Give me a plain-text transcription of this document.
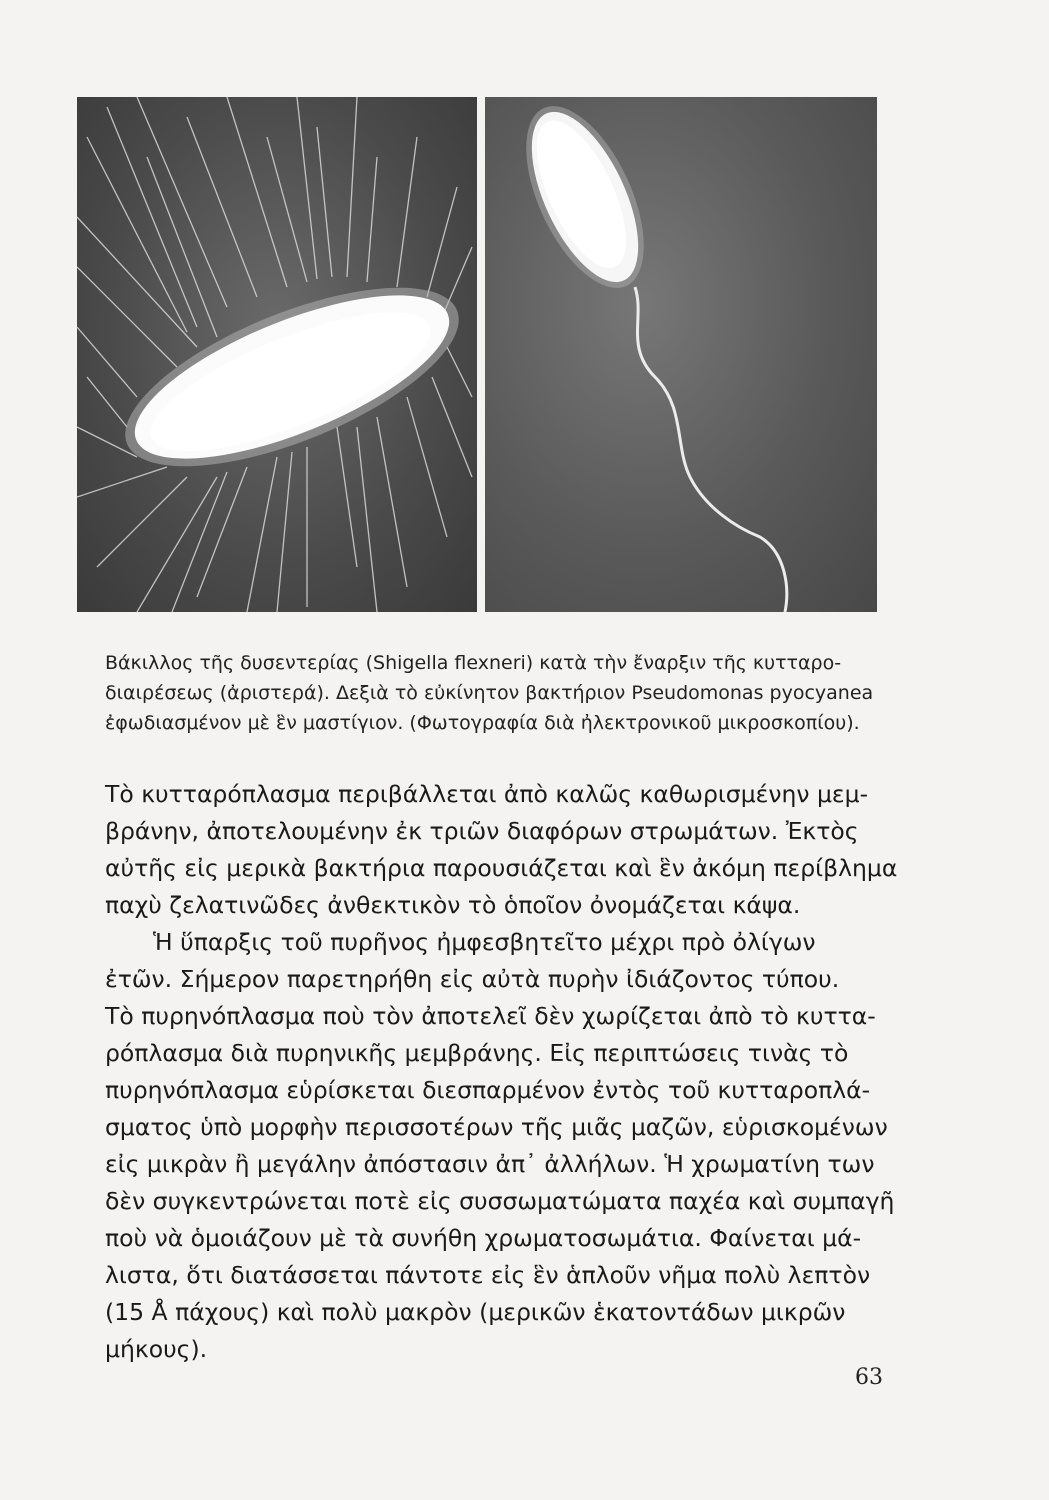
Βάκιλλος τῆς δυσεντερίας (Shigella flexneri) κατὰ τὴν ἔναρξιν τῆς κυτταρο-

διαιρέσεως (ἀριστερά). Δεξιὰ τὸ εὐκίνητον βακτήριον Pseudomonas pyocyanea

ἐφωδιασμένον μὲ ἓν μαστίγιον. (Φωτογραφία διὰ ἠλεκτρονικοῦ μικροσκοπίου).

Τὸ κυτταρόπλασμα περιβάλλεται ἀπὸ καλῶς καθωρισμένην μεμ-

βράνην, ἀποτελουμένην ἐκ τριῶν διαφόρων στρωμάτων. Ἐκτὸς

αὐτῆς εἰς μερικὰ βακτήρια παρουσιάζεται καὶ ἓν ἀκόμη περίβλημα

παχὺ ζελατινῶδες ἀνθεκτικὸν τὸ ὁποῖον ὀνομάζεται κάψα.

Ἡ ὕπαρξις τοῦ πυρῆνος ἠμφεσβητεῖτο μέχρι πρὸ ὀλίγων

ἐτῶν. Σήμερον παρετηρήθη εἰς αὐτὰ πυρὴν ἰδιάζοντος τύπου.

Τὸ πυρηνόπλασμα ποὺ τὸν ἀποτελεῖ δὲν χωρίζεται ἀπὸ τὸ κυττα-

ρόπλασμα διὰ πυρηνικῆς μεμβράνης. Εἰς περιπτώσεις τινὰς τὸ

πυρηνόπλασμα εὑρίσκεται διεσπαρμένον ἐντὸς τοῦ κυτταροπλά-

σματος ὑπὸ μορφὴν περισσοτέρων τῆς μιᾶς μαζῶν, εὑρισκομένων

εἰς μικρὰν ἢ μεγάλην ἀπόστασιν ἀπ᾽ ἀλλήλων. Ἡ χρωματίνη των

δὲν συγκεντρώνεται ποτὲ εἰς συσσωματώματα παχέα καὶ συμπαγῆ

ποὺ νὰ ὁμοιάζουν μὲ τὰ συνήθη χρωματοσωμάτια. Φαίνεται μά-

λιστα, ὅτι διατάσσεται πάντοτε εἰς ἓν ἁπλοῦν νῆμα πολὺ λεπτὸν

(15 Å πάχους) καὶ πολὺ μακρὸν (μερικῶν ἑκατοντάδων μικρῶν

μήκους).

63
